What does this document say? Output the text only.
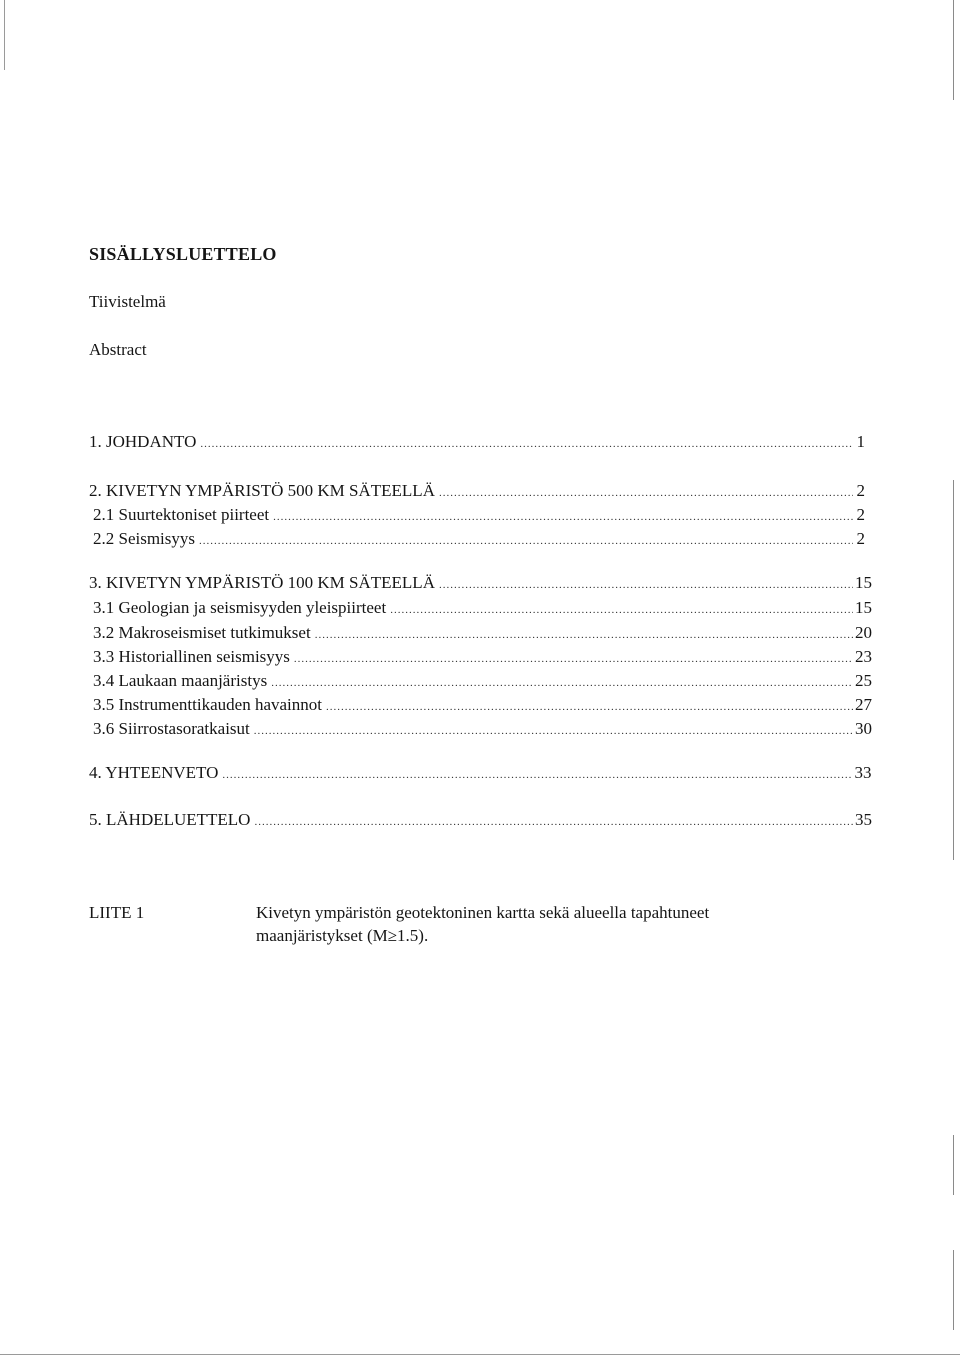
SISÄLLYSLUETTELO
Tiivistelmä
Abstract
1. JOHDANTO .....	1
2. KIVETYN YMPÄRISTÖ 500 KM SÄTEELLÄ .....	2
2.1 Suurtektoniset piirteet .....	2
2.2 Seismisyys .....	2
3. KIVETYN YMPÄRISTÖ 100 KM SÄTEELLÄ .....	15
3.1 Geologian ja seismisyyden yleispiirteet .....	15
3.2 Makroseismiset tutkimukset .....	20
3.3 Historiallinen seismisyys .....	23
3.4 Laukaan maanjäristys .....	25
3.5 Instrumenttikauden havainnot .....	27
3.6 Siirrostasoratkaisut .....	30
4. YHTEENVETO .....	33
5. LÄHDELUETTELO .....	35
LIITE 1	Kivetyn ympäristön geotektoninen kartta sekä alueella tapahtuneet
maanjäristykset (M≥1.5).
